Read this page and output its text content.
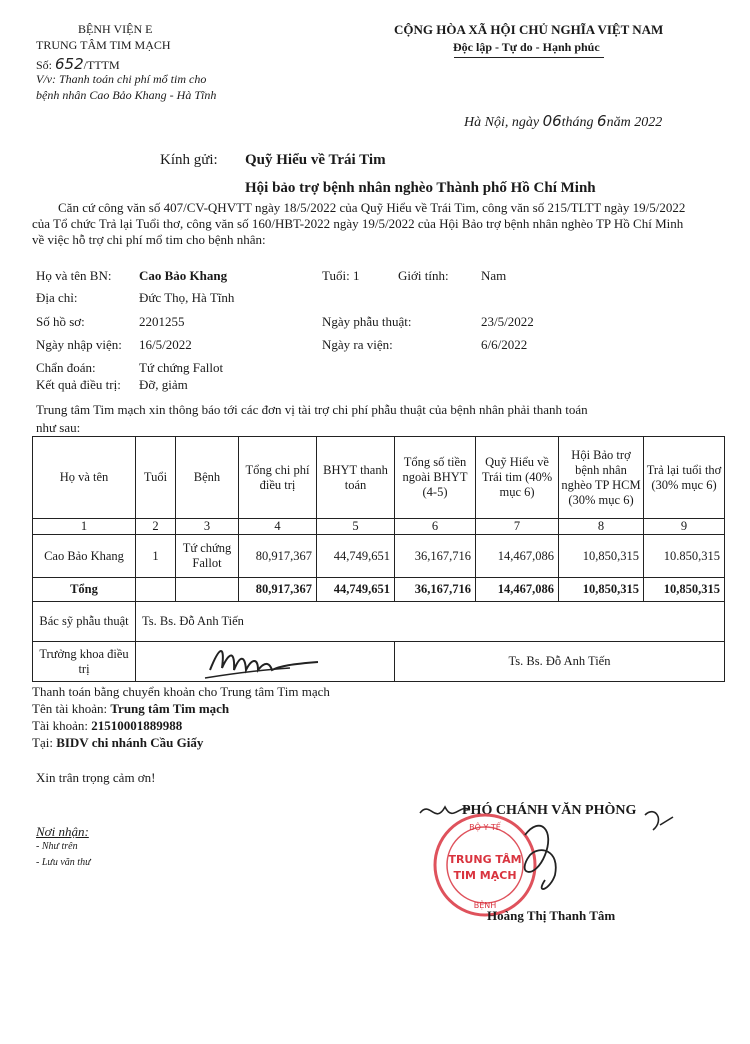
BỆNH VIỆN E
TRUNG TÂM TIM MẠCH
Số: 652/TTTM
V/v: Thanh toán chi phí mổ tim cho
bệnh nhân Cao Bảo Khang - Hà Tĩnh
CỘNG HÒA XÃ HỘI CHỦ NGHĨA VIỆT NAM
Độc lập - Tự do - Hạnh phúc
Hà Nội, ngày 06tháng 6năm 2022
Kính gửi: Quỹ Hiểu về Trái Tim
Hội bảo trợ bệnh nhân nghèo Thành phố Hồ Chí Minh
Căn cứ công văn số 407/CV-QHVTT ngày 18/5/2022 của Quỹ Hiểu về Trái Tim, công văn số 215/TLTT ngày 19/5/2022
của Tổ chức Trả lại Tuổi thơ, công văn số 160/HBT-2022 ngày 19/5/2022 của Hội Bảo trợ bệnh nhân nghèo TP Hồ Chí Minh
về việc hỗ trợ chi phí mổ tim cho bệnh nhân:
Họ và tên BN: Cao Bảo Khang	Tuổi: 1	Giới tính: Nam
Địa chỉ:	Đức Thọ, Hà Tĩnh
Số hồ sơ:	2201255	Ngày phẫu thuật:	23/5/2022
Ngày nhập viện: 16/5/2022	Ngày ra viện:	6/6/2022
Chẩn đoán:	Tứ chứng Fallot
Kết quả điều trị: Đỡ, giảm
Trung tâm Tim mạch xin thông báo tới các đơn vị tài trợ chi phí phẫu thuật của bệnh nhân phải thanh toán
như sau:
Họ và tên	Tuổi	Bệnh	Tổng chi phí điều trị	BHYT thanh toán	Tổng số tiền ngoài BHYT (4-5)	Quỹ Hiểu về Trái tim (40% mục 6)	Hội Bảo trợ bệnh nhân nghèo TP HCM (30% mục 6)	Trả lại tuổi thơ (30% mục 6)
1	2	3	4	5	6	7	8	9
Cao Bảo Khang	1	Tứ chứng Fallot	80,917,367	44,749,651	36,167,716	14,467,086	10,850,315	10.850,315
Tổng			80,917,367	44,749,651	36,167,716	14,467,086	10,850,315	10,850,315
Bác sỹ phẫu thuật	Ts. Bs. Đỗ Anh Tiến							
Trưởng khoa điều trị					Ts. Bs. Đỗ Anh Tiến			
Thanh toán bằng chuyển khoản cho Trung tâm Tim mạch
Tên tài khoản: Trung tâm Tim mạch
Tài khoản: 21510001889988
Tại: BIDV chi nhánh Cầu Giấy
Xin trân trọng cảm ơn!
Nơi nhận:
- Như trên
- Lưu văn thư
PHÓ CHÁNH VĂN PHÒNG
BỘ Y TẾ
TRUNG TÂM
TIM MẠCH
BỆNH
Hoàng Thị Thanh Tâm
